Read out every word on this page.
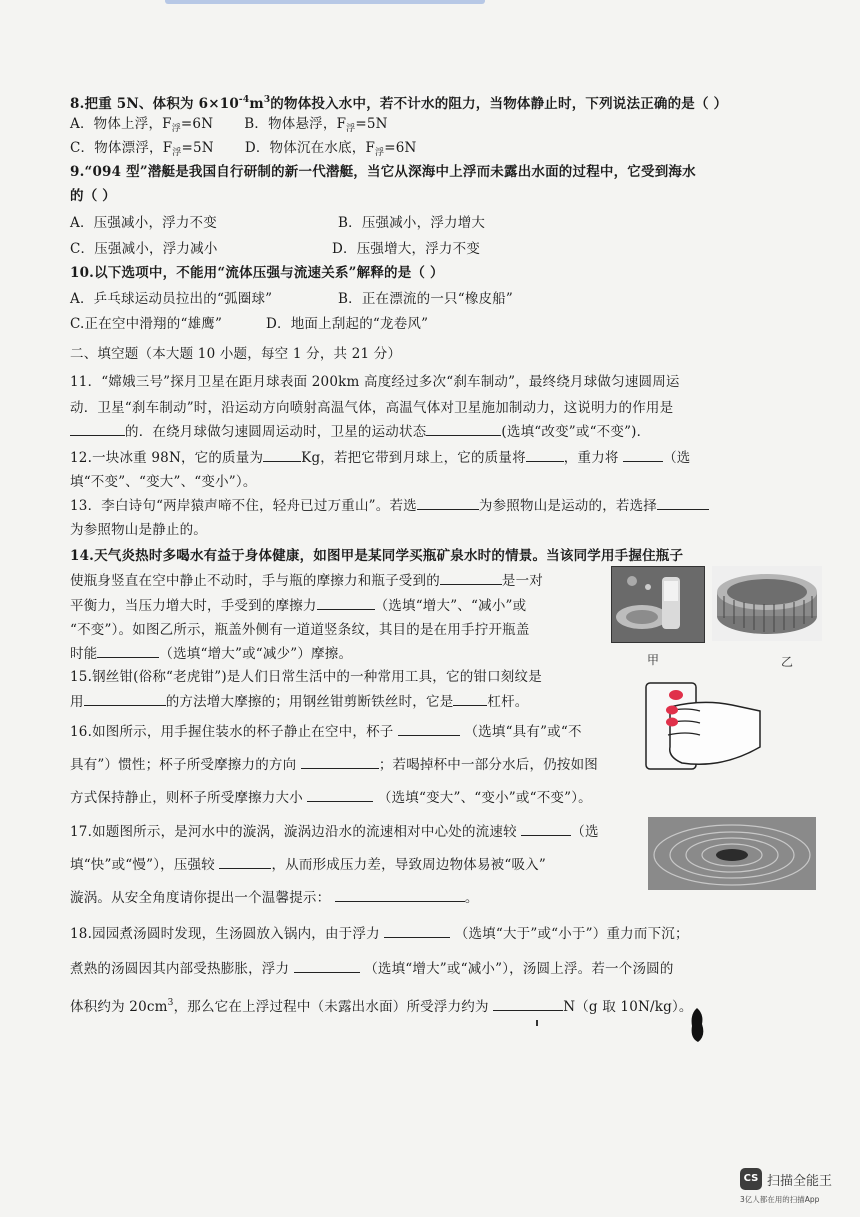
8.把重 5N、体积为 $6\times 10^{-4}m^3$的物体投入水中，若不计水的阻力，当物体静止时，下列说法正确的是（ ）
A．物体上浮，$F_浮=6N$ B．物体悬浮，$F_浮=5N$
C．物体漂浮，$F_浮=5N$ D．物体沉在水底，$F_浮=6N$
9.“094 型”潜艇是我国自行研制的新一代潜艇，当它从深海中上浮而未露出水面的过程中，它受到海水
的（ ）
A．压强减小，浮力不变	B．压强减小，浮力增大
C．压强减小，浮力减小	D．压强增大，浮力不变
10.以下选项中，不能用“流体压强与流速关系”解释的是（ ）
A．乒乓球运动员拉出的“弧圈球”	B．正在漂流的一只“橡皮船”
C.正在空中滑翔的“雄鹰”	D．地面上刮起的“龙卷风”
二、填空题（本大题 10 小题，每空 1 分，共 21 分）
11．“嫦娥三号”探月卫星在距月球表面 200km 高度经过多次“刹车制动”，最终绕月球做匀速圆周运
动．卫星“刹车制动”时，沿运动方向喷射高温气体，高温气体对卫星施加制动力，这说明力的作用是
的．在绕月球做匀速圆周运动时，卫星的运动状态	(选填“改变”或“不变”)．
12.一块冰重 98N，它的质量为	Kg，若把它带到月球上，它的质量将	，重力将	（选
填“不变”、“变大”、“变小”）。
13．李白诗句“两岸猿声啼不住，轻舟已过万重山”。若选	为参照物山是运动的，若选择
为参照物山是静止的。
14.天气炎热时多喝水有益于身体健康，如图甲是某同学买瓶矿泉水时的情景。当该同学用手握住瓶子
使瓶身竖直在空中静止不动时，手与瓶的摩擦力和瓶子受到的	是一对
平衡力，当压力增大时，手受到的摩擦力	（选填“增大”、“减小”或
“不变”）。如图乙所示，瓶盖外侧有一道道竖条纹，其目的是在用手拧开瓶盖
时能	（选填“增大”或“减少”）摩擦。	甲	乙
15.钢丝钳(俗称“老虎钳”)是人们日常生活中的一种常用工具，它的钳口刻纹是
用	的方法增大摩擦的；用钢丝钳剪断铁丝时，它是	杠杆。
16.如图所示，用手握住装水的杯子静止在空中，杯子	（选填“具有”或“不
具有”）惯性；杯子所受摩擦力的方向	；若喝掉杯中一部分水后，仍按如图
方式保持静止，则杯子所受摩擦力大小	（选填“变大”、“变小”或“不变”）。
17.如题图所示，是河水中的漩涡，漩涡边沿水的流速相对中心处的流速较	（选
填“快”或“慢”），压强较	，从而形成压力差，导致周边物体易被“吸入”
漩涡。从安全角度请你提出一个温馨提示：	。
18.园园煮汤圆时发现，生汤圆放入锅内，由于浮力	（选填“大于”或“小于”）重力而下沉；
煮熟的汤圆因其内部受热膨胀，浮力	（选填“增大”或“减小”），汤圆上浮。若一个汤圆的
体积约为 $20cm^3$，那么它在上浮过程中（未露出水面）所受浮力约为	N（g 取 10N/kg）。
CS 扫描全能王
3亿人都在用的扫描App
